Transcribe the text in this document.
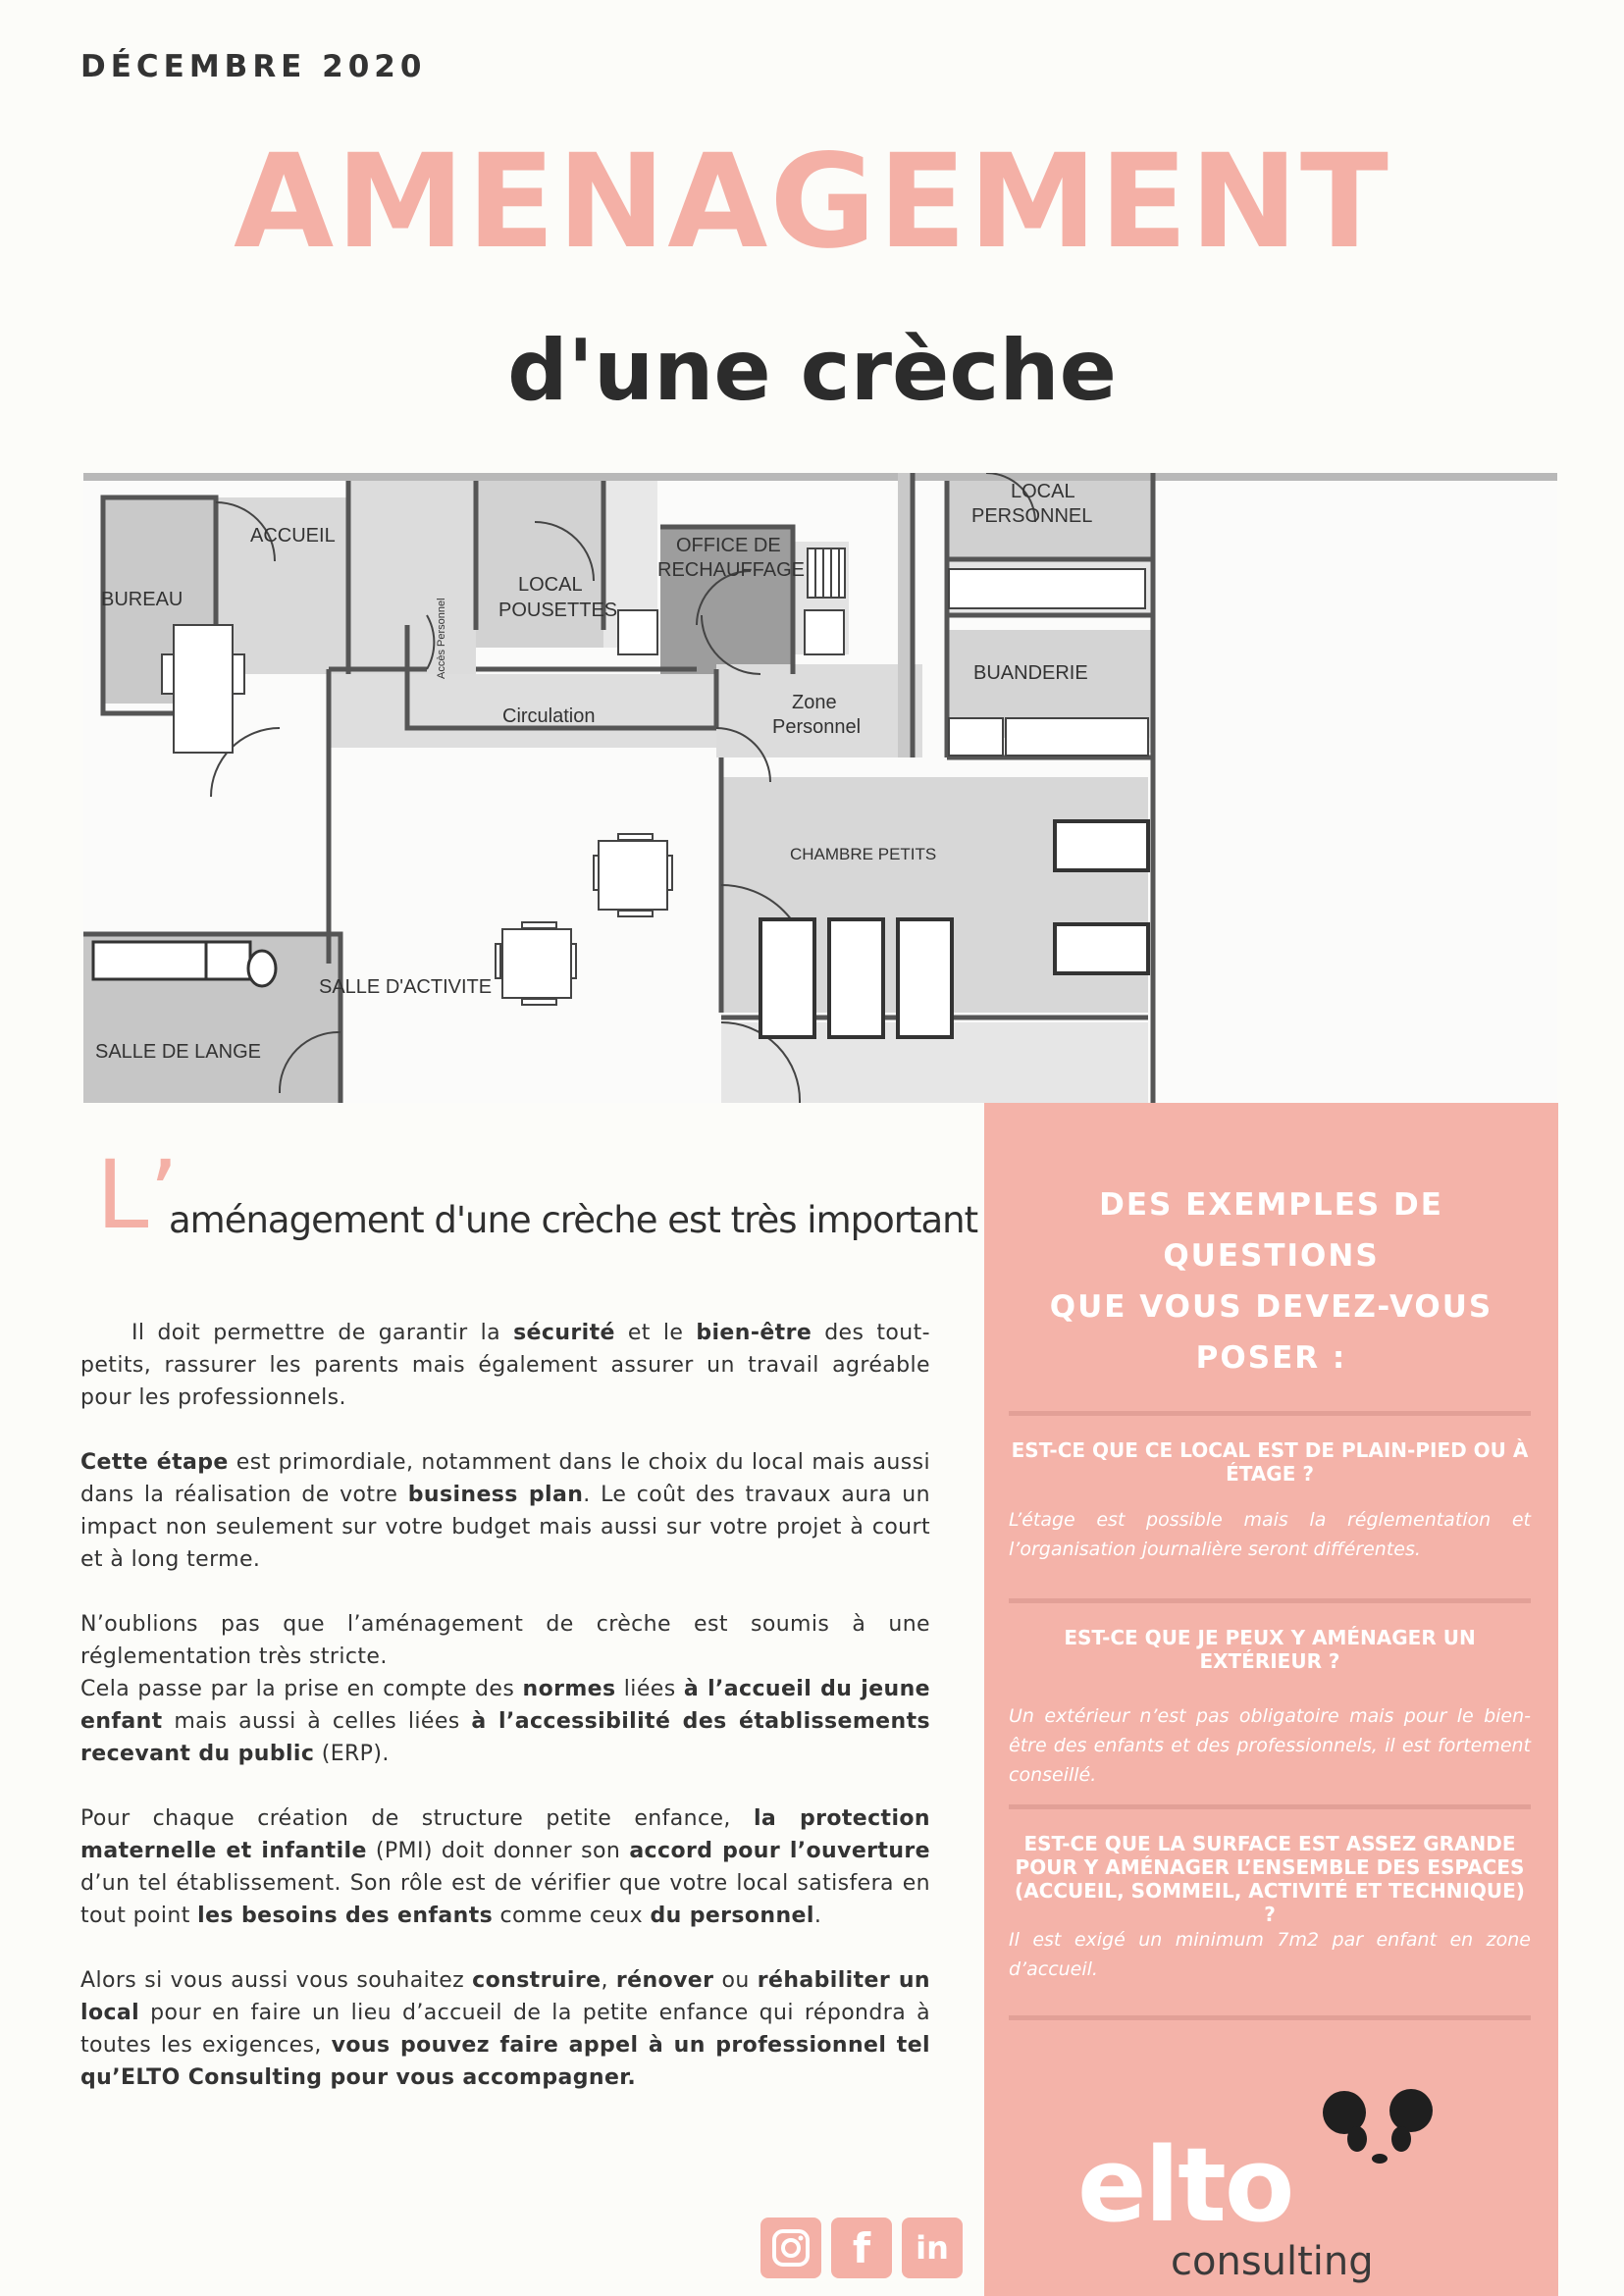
DÉCEMBRE 2020
AMENAGEMENT
d'une crèche
BUREAU
ACCUEIL
LOCAL
POUSETTES
OFFICE DE
RECHAUFFAGE
LOCAL
PERSONNEL
BUANDERIE
Accès Personnel
Circulation
Zone
Personnel
CHAMBRE PETITS
SALLE D'ACTIVITE
SALLE DE LANGE
L’
aménagement d'une crèche est très important

Il doit permettre de garantir la sécurité et le bien-être des tout-petits, rassurer les parents mais également assurer un travail agréable pour les professionnels.

Cette étape est primordiale, notamment dans le choix du local mais aussi dans la réalisation de votre business plan. Le coût des travaux aura un impact non seulement sur votre budget mais aussi sur votre projet à court et à long terme.

N’oublions pas que l’aménagement de crèche est soumis à une réglementation très stricte.
Cela passe par la prise en compte des normes liées à l’accueil du jeune enfant mais aussi à celles liées à l’accessibilité des établissements recevant du public (ERP).

Pour chaque création de structure petite enfance, la protection maternelle et infantile (PMI) doit donner son accord pour l’ouverture d’un tel établissement. Son rôle est de vérifier que votre local satisfera en tout point les besoins des enfants comme ceux du personnel.

Alors si vous aussi vous souhaitez construire, rénover ou réhabiliter un local pour en faire un lieu d’accueil de la petite enfance qui répondra à toutes les exigences, vous pouvez faire appel à un professionnel tel qu’ELTO Consulting pour vous accompagner.

DES EXEMPLES DE
QUESTIONS
QUE VOUS DEVEZ-VOUS
POSER :
EST-CE QUE CE LOCAL EST DE PLAIN-PIED OU À ÉTAGE ?
L’étage est possible mais la réglementation et l’organisation journalière seront différentes.
EST-CE QUE JE PEUX Y AMÉNAGER UN EXTÉRIEUR ?
Un extérieur n’est pas obligatoire mais pour le bien-être des enfants et des professionnels, il est fortement conseillé.
EST-CE QUE LA SURFACE EST ASSEZ GRANDE POUR Y AMÉNAGER L’ENSEMBLE DES ESPACES (ACCUEIL, SOMMEIL, ACTIVITÉ ET TECHNIQUE) ?
Il est exigé un minimum 7m2 par enfant en zone d’accueil.
elto
consulting
f in
